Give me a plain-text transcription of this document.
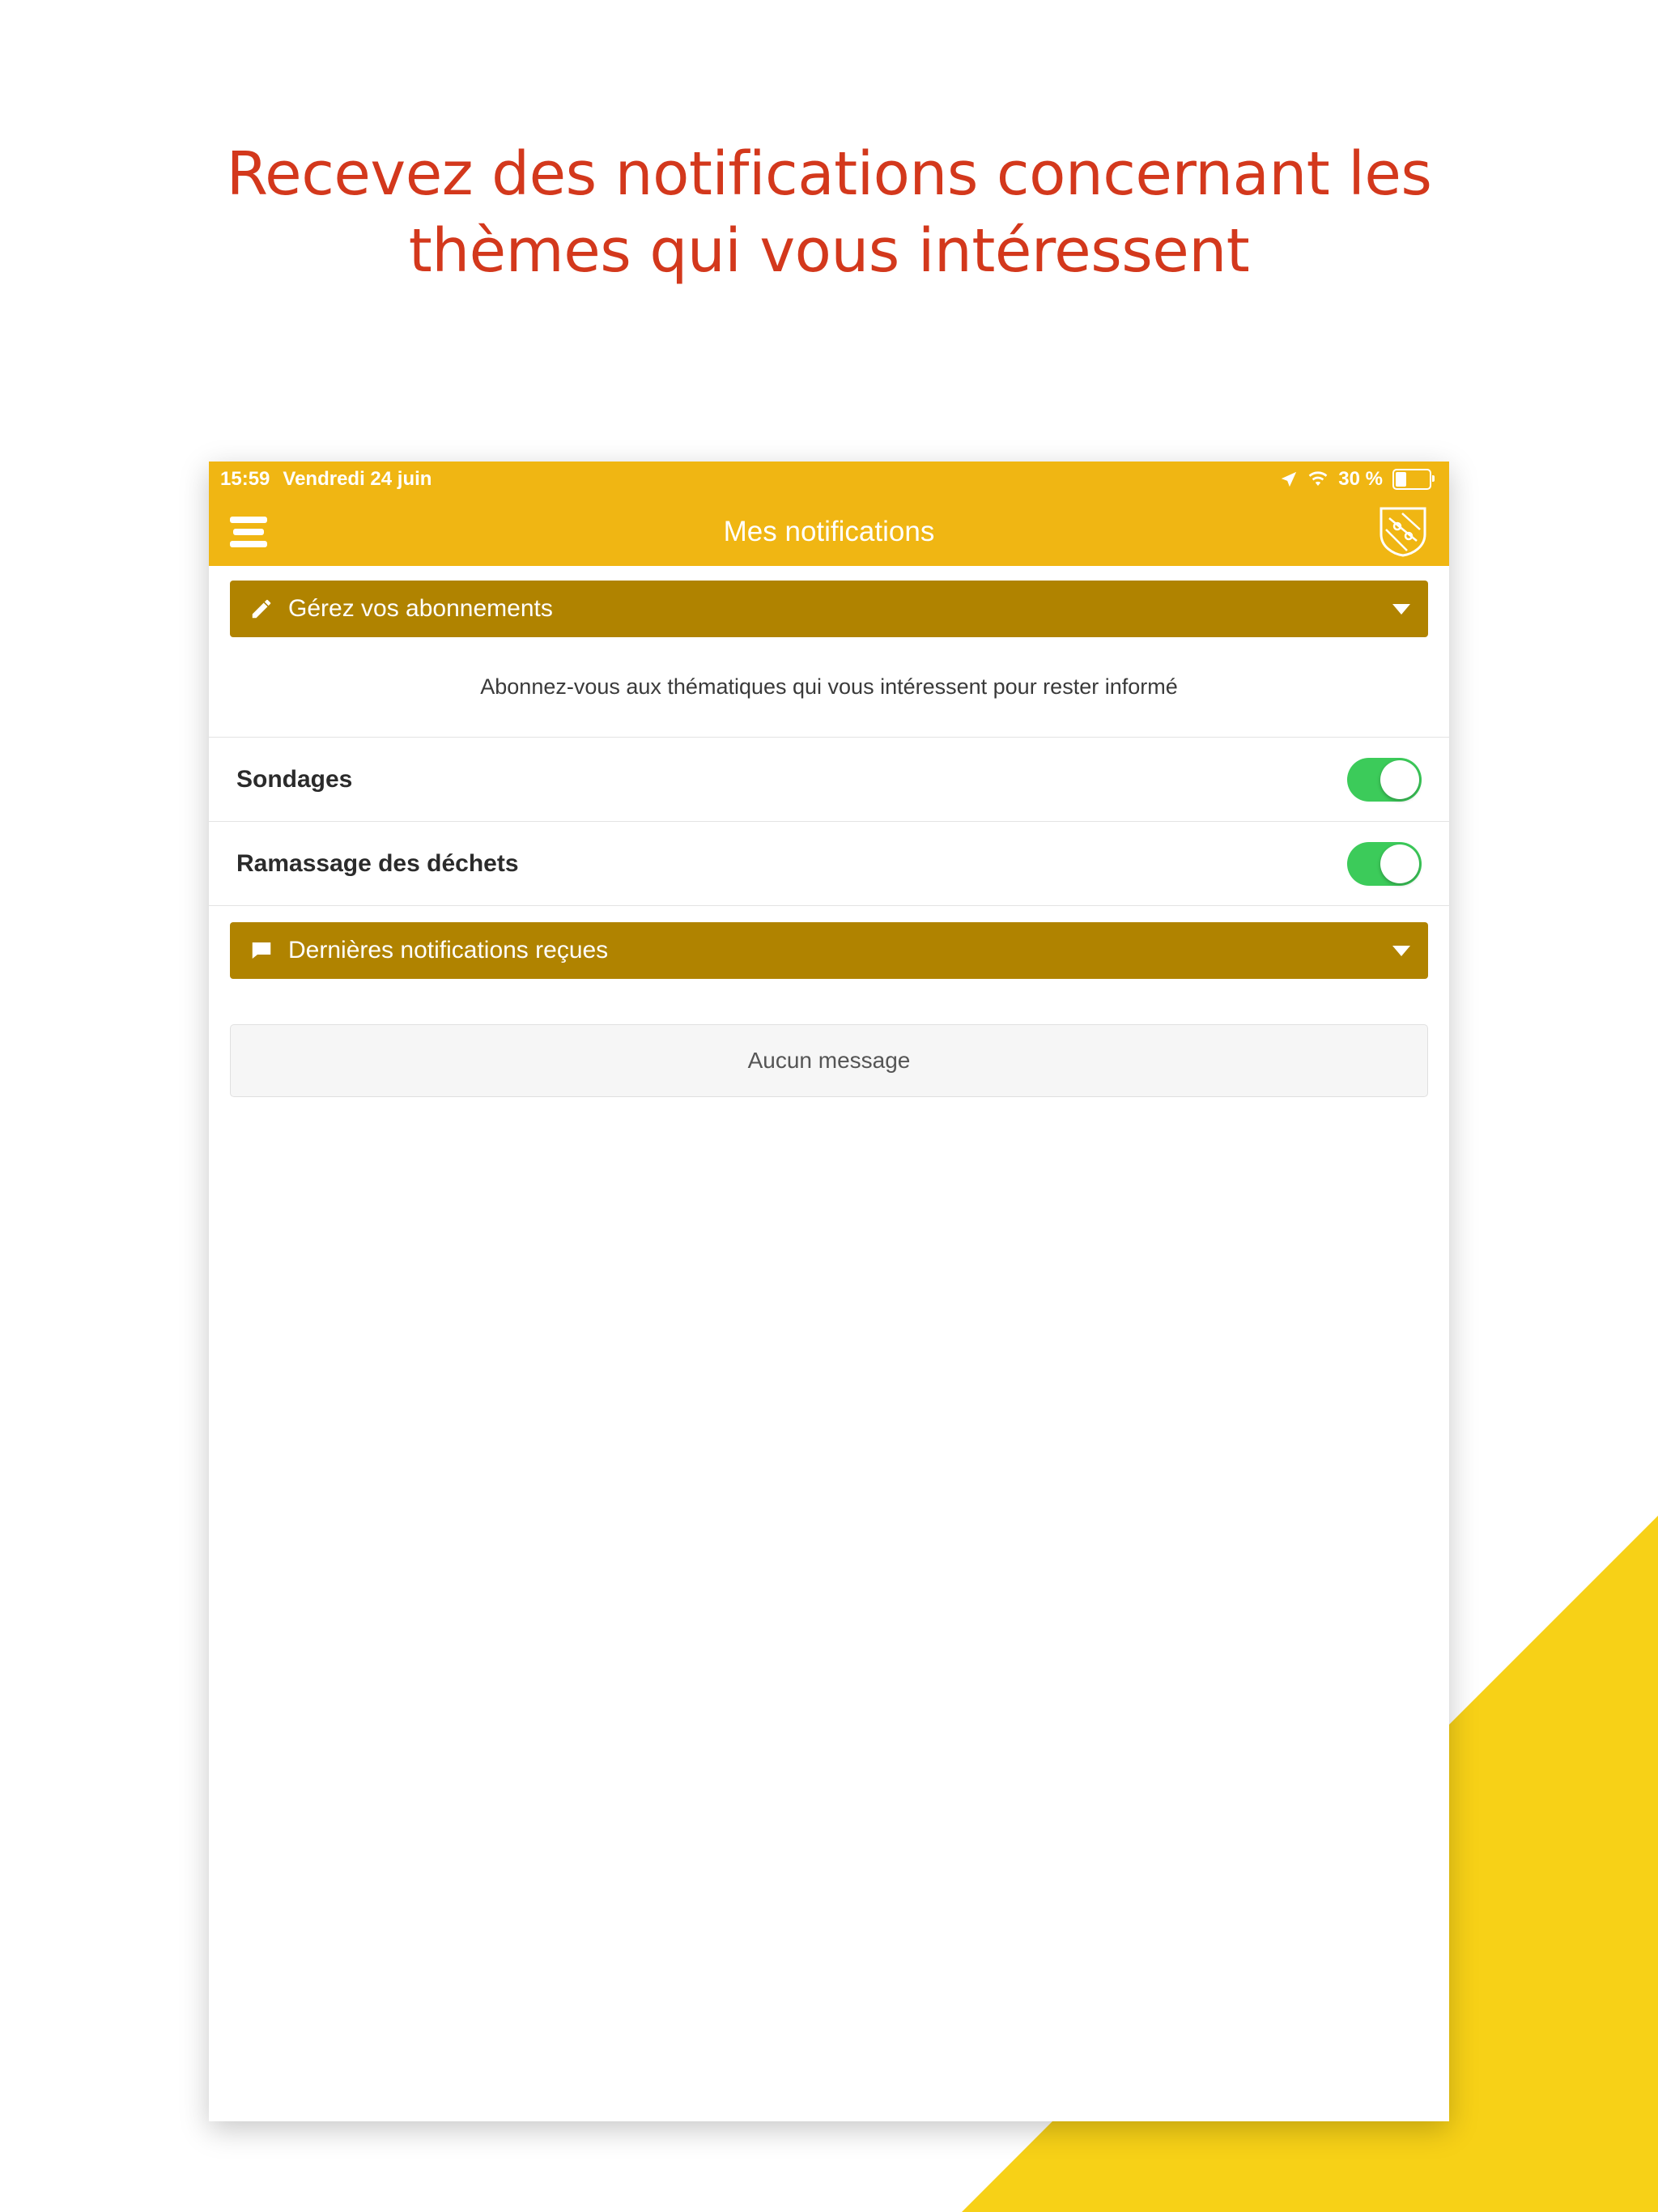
Recevez des notifications concernant les thèmes qui vous intéressent
15:59 Vendredi 24 juin	30 %
Mes notifications
Gérez vos abonnements
Abonnez-vous aux thématiques qui vous intéressent pour rester informé
Sondages
Ramassage des déchets
Dernières notifications reçues
Aucun message
